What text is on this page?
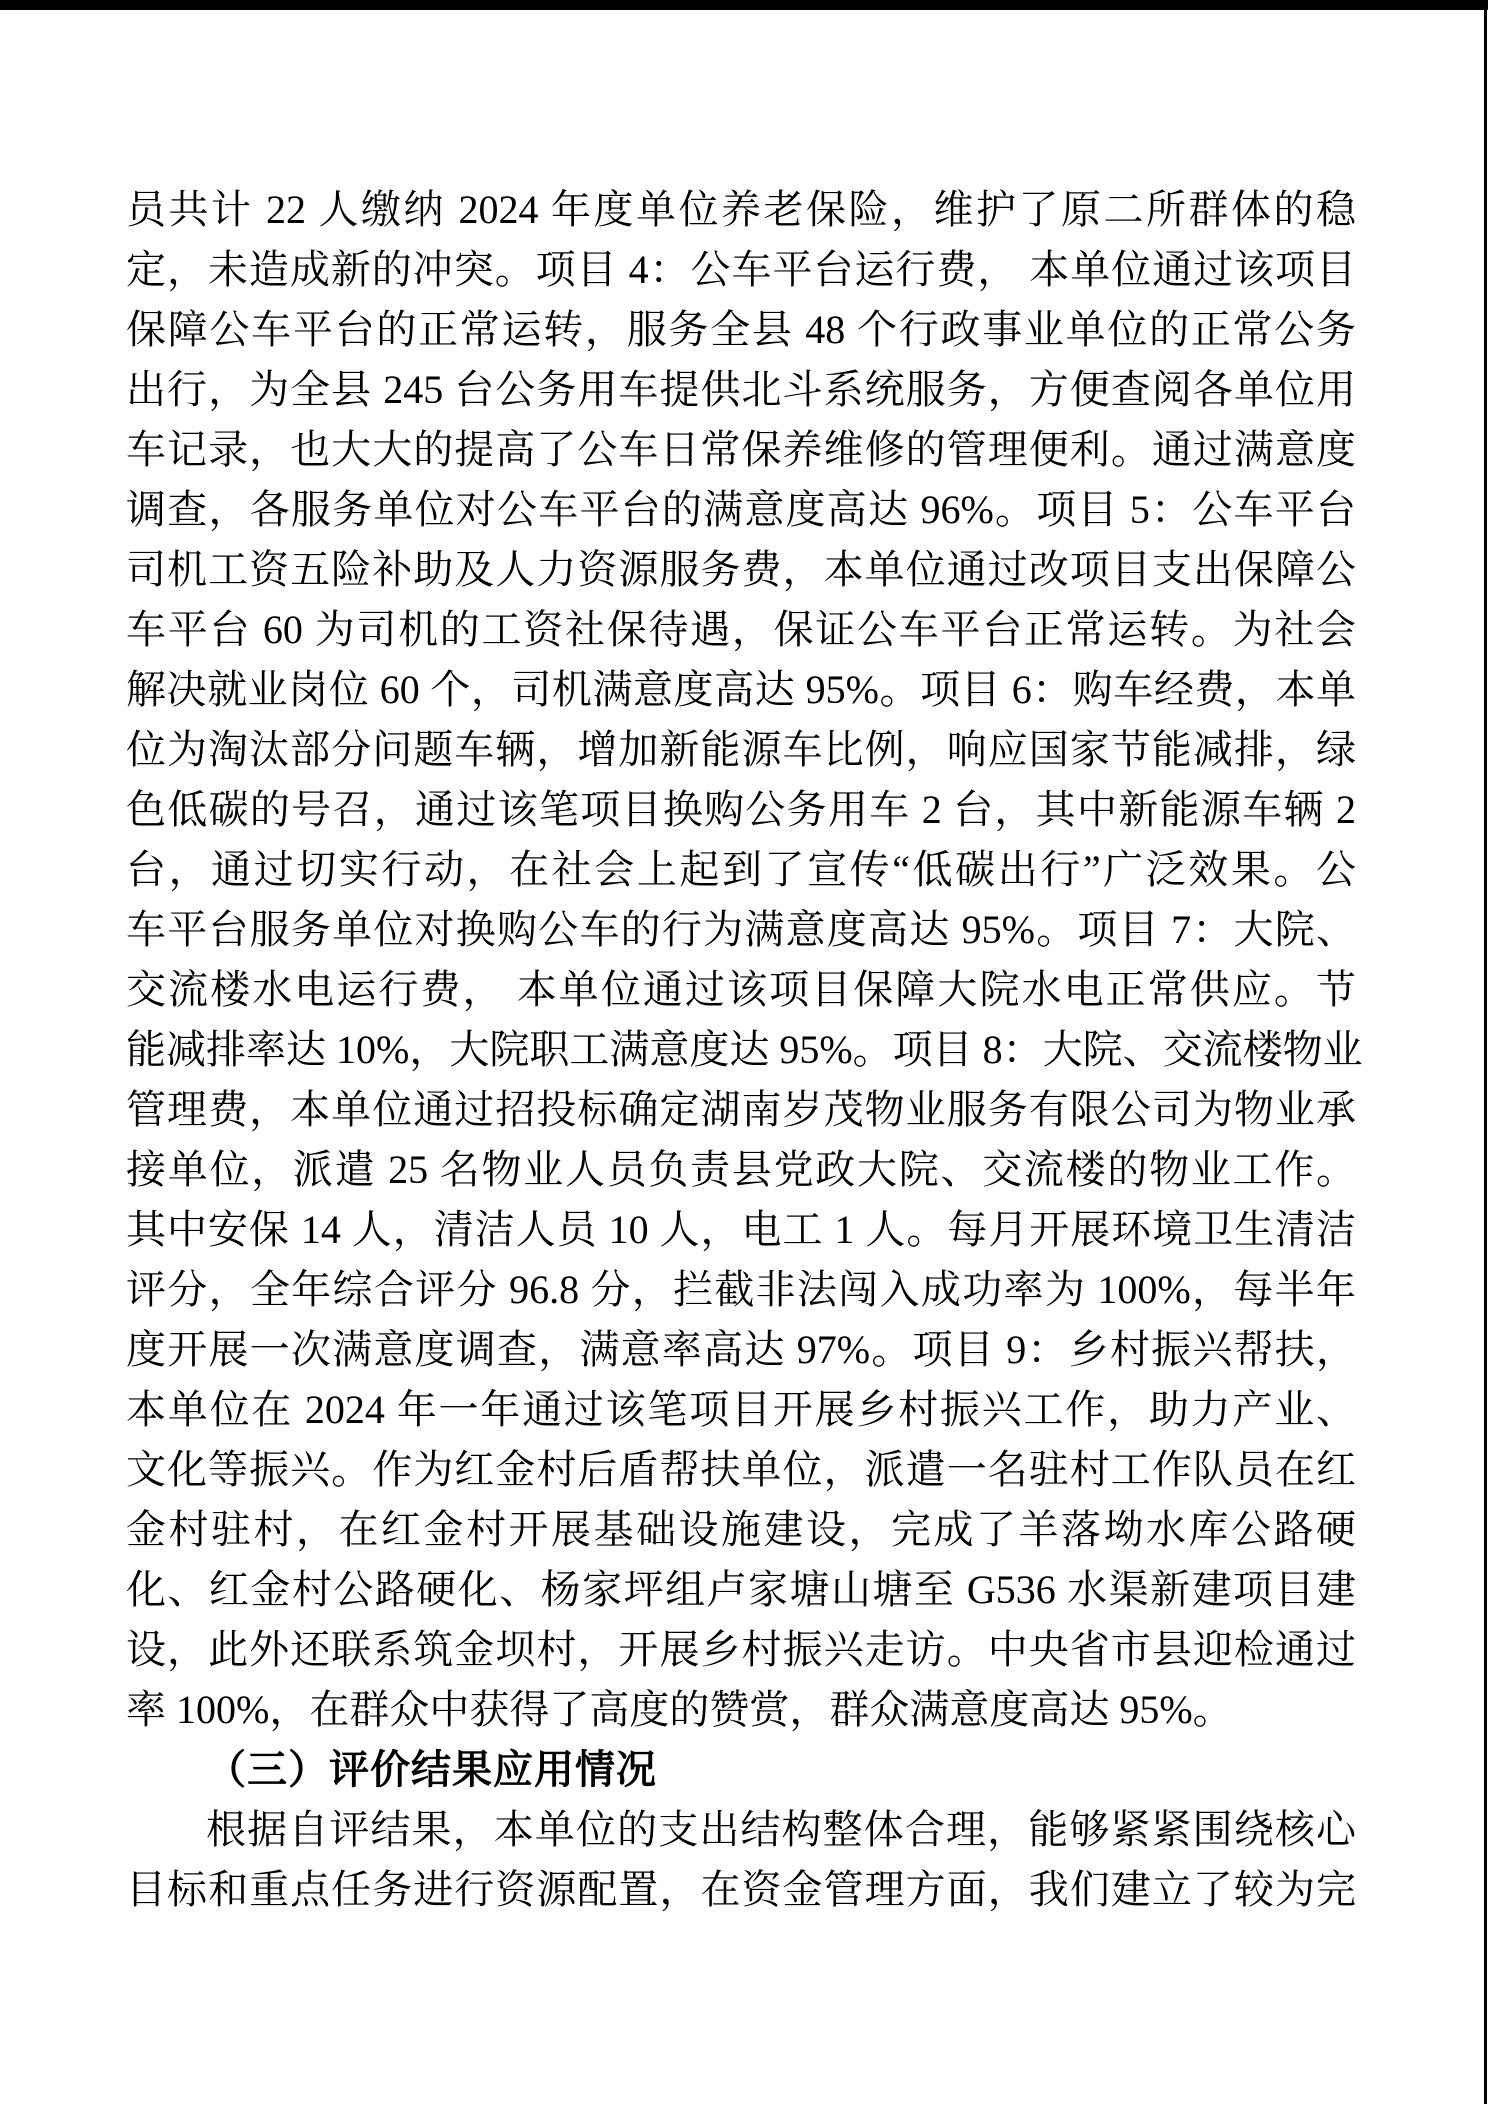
员共计 22 人缴纳 2024 年度单位养老保险，维护了原二所群体的稳
定，未造成新的冲突。项目 4：公车平台运行费， 本单位通过该项目
保障公车平台的正常运转，服务全县 48 个行政事业单位的正常公务
出行，为全县 245 台公务用车提供北斗系统服务，方便查阅各单位用
车记录，也大大的提高了公车日常保养维修的管理便利。通过满意度
调查，各服务单位对公车平台的满意度高达 96%。项目 5：公车平台
司机工资五险补助及人力资源服务费，本单位通过改项目支出保障公
车平台 60 为司机的工资社保待遇，保证公车平台正常运转。为社会
解决就业岗位 60 个，司机满意度高达 95%。项目 6：购车经费，本单
位为淘汰部分问题车辆，增加新能源车比例，响应国家节能减排，绿
色低碳的号召，通过该笔项目换购公务用车 2 台，其中新能源车辆 2
台，通过切实行动，在社会上起到了宣传“低碳出行”广泛效果。公
车平台服务单位对换购公车的行为满意度高达 95%。项目 7：大院、
交流楼水电运行费， 本单位通过该项目保障大院水电正常供应。节
能减排率达 10%，大院职工满意度达 95%。项目 8：大院、交流楼物业
管理费，本单位通过招投标确定湖南岁茂物业服务有限公司为物业承
接单位，派遣 25 名物业人员负责县党政大院、交流楼的物业工作。
其中安保 14 人，清洁人员 10 人，电工 1 人。每月开展环境卫生清洁
评分，全年综合评分 96.8 分，拦截非法闯入成功率为 100%，每半年
度开展一次满意度调查，满意率高达 97%。项目 9：乡村振兴帮扶，
本单位在 2024 年一年通过该笔项目开展乡村振兴工作，助力产业、
文化等振兴。作为红金村后盾帮扶单位，派遣一名驻村工作队员在红
金村驻村，在红金村开展基础设施建设，完成了羊落坳水库公路硬
化、红金村公路硬化、杨家坪组卢家塘山塘至 G536 水渠新建项目建
设，此外还联系筑金坝村，开展乡村振兴走访。中央省市县迎检通过
率 100%，在群众中获得了高度的赞赏，群众满意度高达 95%。
（三）评价结果应用情况
根据自评结果，本单位的支出结构整体合理，能够紧紧围绕核心
目标和重点任务进行资源配置，在资金管理方面，我们建立了较为完
